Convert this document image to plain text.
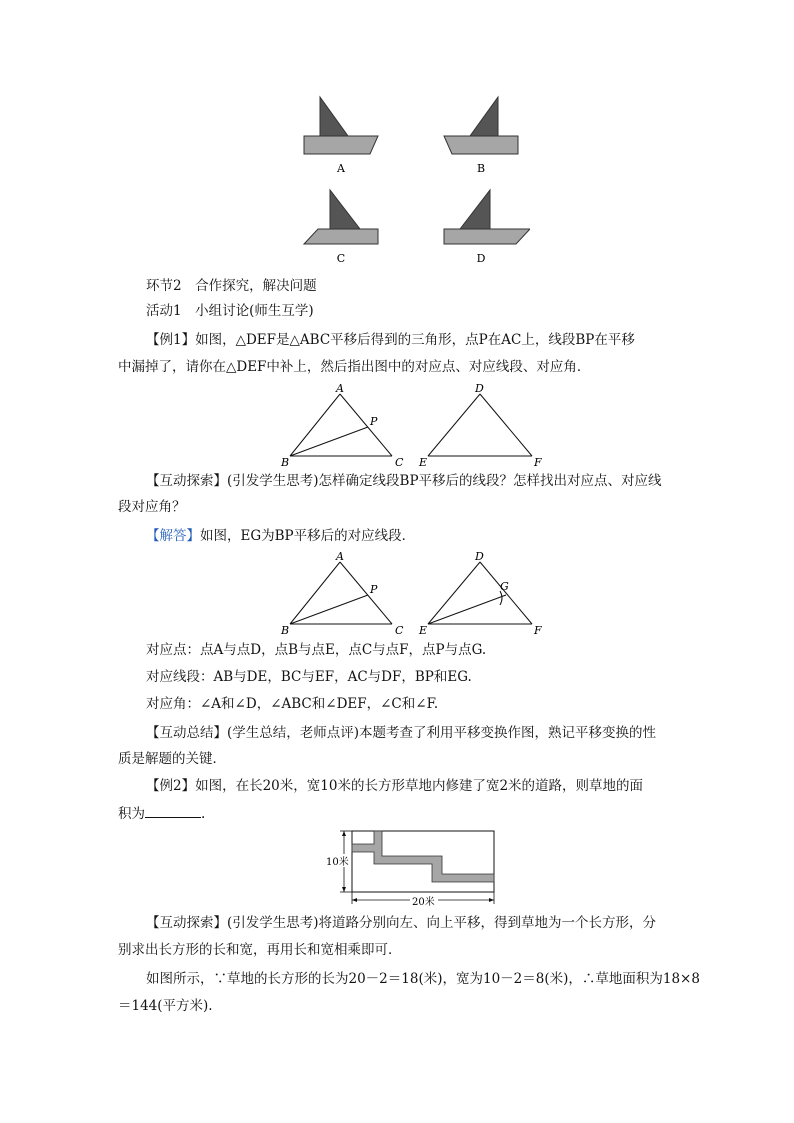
A	B
C	D
环节2　合作探究，解决问题
活动1　小组讨论(师生互学)
【例1】如图，△DEF是△ABC平移后得到的三角形，点P在AC上，线段BP在平移
中漏掉了，请你在△DEF中补上，然后指出图中的对应点、对应线段、对应角．
A
P
B	C
D
E	F
【互动探索】(引发学生思考)怎样确定线段BP平移后的线段？怎样找出对应点、对应线
段对应角？
【解答】如图，EG为BP平移后的对应线段．
A
P
B	C
D
G
E	F
对应点：点A与点D，点B与点E，点C与点F，点P与点G.
对应线段：AB与DE，BC与EF，AC与DF，BP和EG.
对应角：∠A和∠D，∠ABC和∠DEF，∠C和∠F.
【互动总结】(学生总结，老师点评)本题考查了利用平移变换作图，熟记平移变换的性
质是解题的关键．
【例2】如图，在长20米，宽10米的长方形草地内修建了宽2米的道路，则草地的面
积为	.
10米
20米
【互动探索】(引发学生思考)将道路分别向左、向上平移，得到草地为一个长方形，分
别求出长方形的长和宽，再用长和宽相乘即可．
如图所示，∵草地的长方形的长为20－2＝18(米)，宽为10－2＝8(米)，∴草地面积为18×8
＝144(平方米).
